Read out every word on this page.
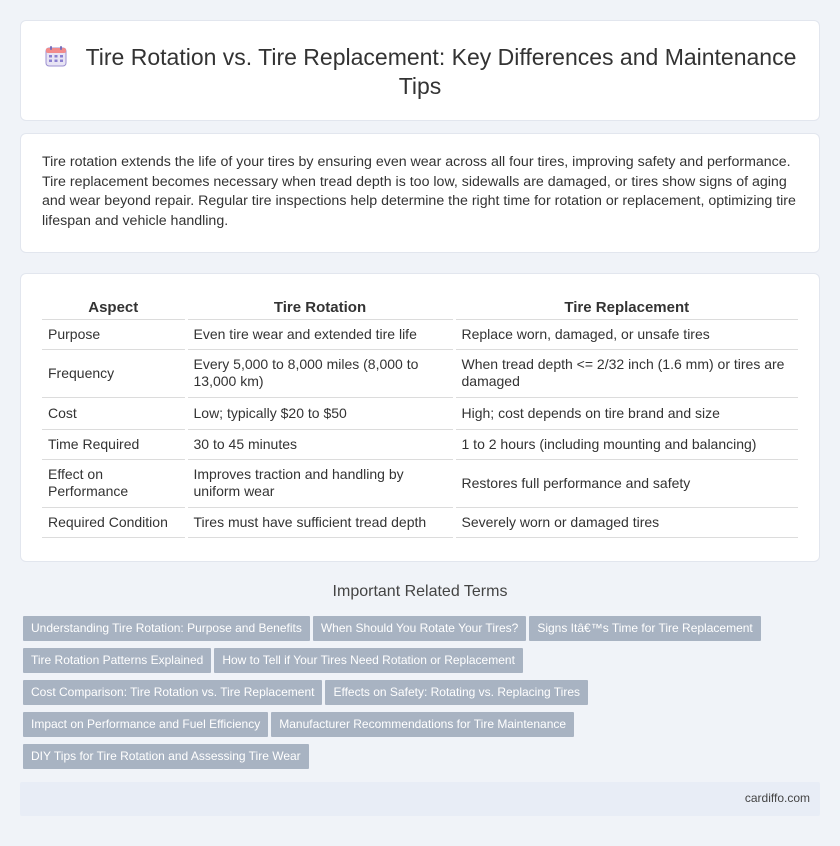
Tire Rotation vs. Tire Replacement: Key Differences and Maintenance Tips

Tire rotation extends the life of your tires by ensuring even wear across all four tires, improving safety and performance. Tire replacement becomes necessary when tread depth is too low, sidewalls are damaged, or tires show signs of aging and wear beyond repair. Regular tire inspections help determine the right time for rotation or replacement, optimizing tire lifespan and vehicle handling.

Aspect	Tire Rotation	Tire Replacement
Purpose	Even tire wear and extended tire life	Replace worn, damaged, or unsafe tires
Frequency	Every 5,000 to 8,000 miles (8,000 to 13,000 km)	When tread depth <= 2/32 inch (1.6 mm) or tires are damaged
Cost	Low; typically $20 to $50	High; cost depends on tire brand and size
Time Required	30 to 45 minutes	1 to 2 hours (including mounting and balancing)
Effect on Performance	Improves traction and handling by uniform wear	Restores full performance and safety
Required Condition	Tires must have sufficient tread depth	Severely worn or damaged tires
Important Related Terms
Understanding Tire Rotation: Purpose and Benefits When Should You Rotate Your Tires? Signs Itâ€™s Time for Tire Replacement
Tire Rotation Patterns Explained How to Tell if Your Tires Need Rotation or Replacement
Cost Comparison: Tire Rotation vs. Tire Replacement Effects on Safety: Rotating vs. Replacing Tires
Impact on Performance and Fuel Efficiency Manufacturer Recommendations for Tire Maintenance
DIY Tips for Tire Rotation and Assessing Tire Wear
cardiffo.com
